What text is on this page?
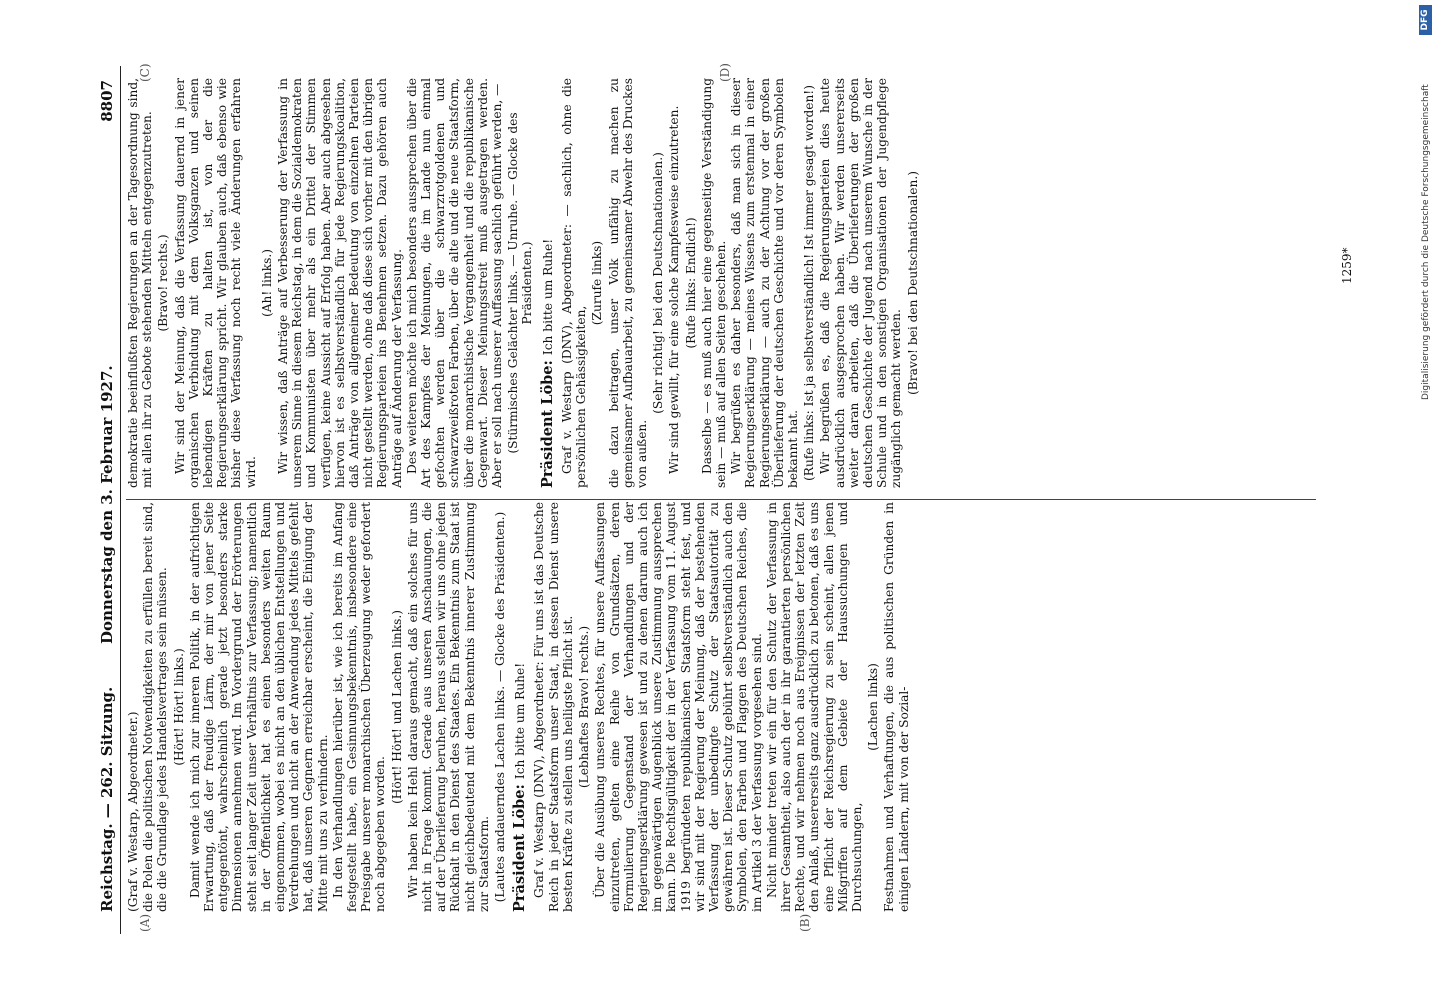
Reichstag. — 262. Sitzung.
Donnerstag den 3. Februar 1927.
8807
(A)	(B)
(C)	(D)

(Graf v. Westarp, Abgeordneter.) die Polen die politischen Notwendigkeiten zu erfüllen bereit sind, die die Grundlage jedes Handelsvertrages sein müssen. (Hört! Hört! links.) Damit wende ich mich zur inneren Politik, in der aufrichtigen Erwartung, daß der freudige Lärm, der mir von jener Seite entgegentönt, wahrscheinlich gerade jetzt besonders starke Dimensionen annehmen wird. Im Vordergrund der Erörterungen steht seit langer Zeit unser Verhältnis zur Verfassung; namentlich in der Öffentlichkeit hat es einen besonders weiten Raum eingenommen, wobei es nicht an den üblichen Entstellungen und Verdrehungen und nicht an der Anwendung jedes Mittels gefehlt hat, daß unseren Gegnern erreichbar erscheint, die Einigung der Mitte mit uns zu verhindern. In den Verhandlungen hierüber ist, wie ich bereits im Anfang festgestellt habe, ein Gesinnungsbekenntnis, insbesondere eine Preisgabe unserer monarchischen Überzeugung weder gefordert noch abgegeben worden.

(Hört! Hört! und Lachen links.) Wir haben kein Hehl daraus gemacht, daß ein solches für uns nicht in Frage kommt. Gerade aus unseren Anschauungen, die auf der Überlieferung beruhen, heraus stellen wir uns ohne jeden Rückhalt in den Dienst des Staates. Ein Bekenntnis zum Staat ist nicht gleichbedeutend mit dem Bekenntnis innerer Zustimmung zur Staatsform. (Lautes andauerndes Lachen links. — Glocke des Präsidenten.) Präsident Löbe: Ich bitte um Ruhe! Graf v. Westarp (DNV), Abgeordneter: Für uns ist das Deutsche Reich in jeder Staatsform unser Staat, in dessen Dienst unsere besten Kräfte zu stellen uns heiligste Pflicht ist. (Lebhaftes Bravo! rechts.) Über die Ausübung unseres Rechtes, für unsere Auffassungen einzutreten, gelten eine Reihe von Grundsätzen, deren Formulierung Gegenstand der Verhandlungen und der Regierungserklärung gewesen ist und zu denen darum auch ich im gegenwärtigen Augenblick unsere Zustimmung aussprechen kann. Die Rechtsgültigkeit der in der Verfassung vom 11. August 1919 begründeten republikanischen Staatsform steht fest, und wir sind mit der Regierung der Meinung, daß der bestehenden Verfassung der unbedingte Schutz der Staatsautorität zu gewähren ist. Dieser Schutz gebührt selbstverständlich auch den Symbolen, den Farben und Flaggen des Deutschen Reiches, die im Artikel 3 der Verfassung vorgesehen sind. Nicht minder treten wir ein für den Schutz der Verfassung in ihrer Gesamtheit, also auch der in ihr garantierten persönlichen Rechte, und wir nehmen noch aus Ereignissen der letzten Zeit den Anlaß, unsererseits ganz ausdrücklich zu betonen, daß es uns eine Pflicht der Reichsregierung zu sein scheint, allen jenen Mißgriffen auf dem Gebiete der Haussuchungen und Durchsuchungen,

(Lachen links) Festnahmen und Verhaftungen, die aus politischen Gründen in einigen Ländern, mit von der Sozial-

demokratie beeinflußten Regierungen an der Tagesordnung sind, mit allen ihr zu Gebote stehenden Mitteln entgegenzutreten. (Bravo! rechts.) Wir sind der Meinung, daß die Verfassung dauernd in jener organischen Verbindung mit dem Volksganzen und seinen lebendigen Kräften zu halten ist, von der die Regierungserklärung spricht. Wir glauben auch, daß ebenso wie bisher diese Verfassung noch recht viele Änderungen erfahren wird.

(Ah! links.) Wir wissen, daß Anträge auf Verbesserung der Verfassung in unserem Sinne in diesem Reichstag, in dem die Sozialdemokraten und Kommunisten über mehr als ein Drittel der Stimmen verfügen, keine Aussicht auf Erfolg haben. Aber auch abgesehen hiervon ist es selbstverständlich für jede Regierungskoalition, daß Anträge von allgemeiner Bedeutung von einzelnen Parteien nicht gestellt werden, ohne daß diese sich vorher mit den übrigen Regierungsparteien ins Benehmen setzen. Dazu gehören auch Anträge auf Änderung der Verfassung. Des weiteren möchte ich mich besonders aussprechen über die Art des Kampfes der Meinungen, die im Lande nun einmal gefochten werden über die schwarzrotgoldenen und schwarzweißroten Farben, über die alte und die neue Staatsform, über die monarchistische Vergangenheit und die republikanische Gegenwart. Dieser Meinungsstreit muß ausgetragen werden. Aber er soll nach unserer Auffassung sachlich geführt werden, — (Stürmisches Gelächter links. — Unruhe. — Glocke des Präsidenten.)

Präsident Löbe: Ich bitte um Ruhe! Graf v. Westarp (DNV), Abgeordneter: — sachlich, ohne die persönlichen Gehässigkeiten,

(Zurufe links) die dazu beitragen, unser Volk unfähig zu machen zu gemeinsamer Aufbauarbeit, zu gemeinsamer Abwehr des Druckes von außen.

(Sehr richtig! bei den Deutschnationalen.) Wir sind gewillt, für eine solche Kampfesweise einzutreten. (Rufe links: Endlich!) Dasselbe — es muß auch hier eine gegenseitige Verständigung sein — muß auf allen Seiten geschehen. Wir begrüßen es daher besonders, daß man sich in dieser Regierungserklärung — meines Wissens zum erstenmal in einer Regierungserklärung — auch zu der Achtung vor der großen Überlieferung der deutschen Geschichte und vor deren Symbolen bekannt hat. (Rufe links: Ist ja selbstverständlich! Ist immer gesagt worden!) Wir begrüßen es, daß die Regierungsparteien dies heute ausdrücklich ausgesprochen haben. Wir werden unsererseits weiter daran arbeiten, daß die Überlieferungen der großen deutschen Geschichte der Jugend nach unserem Wunsche in der Schule und in den sonstigen Organisationen der Jugendpflege zugänglich gemacht werden.

(Bravo! bei den Deutschnationalen.)	1259*	Digitalisierung gefördert durch die Deutsche Forschungsgemeinschaft
DFG
